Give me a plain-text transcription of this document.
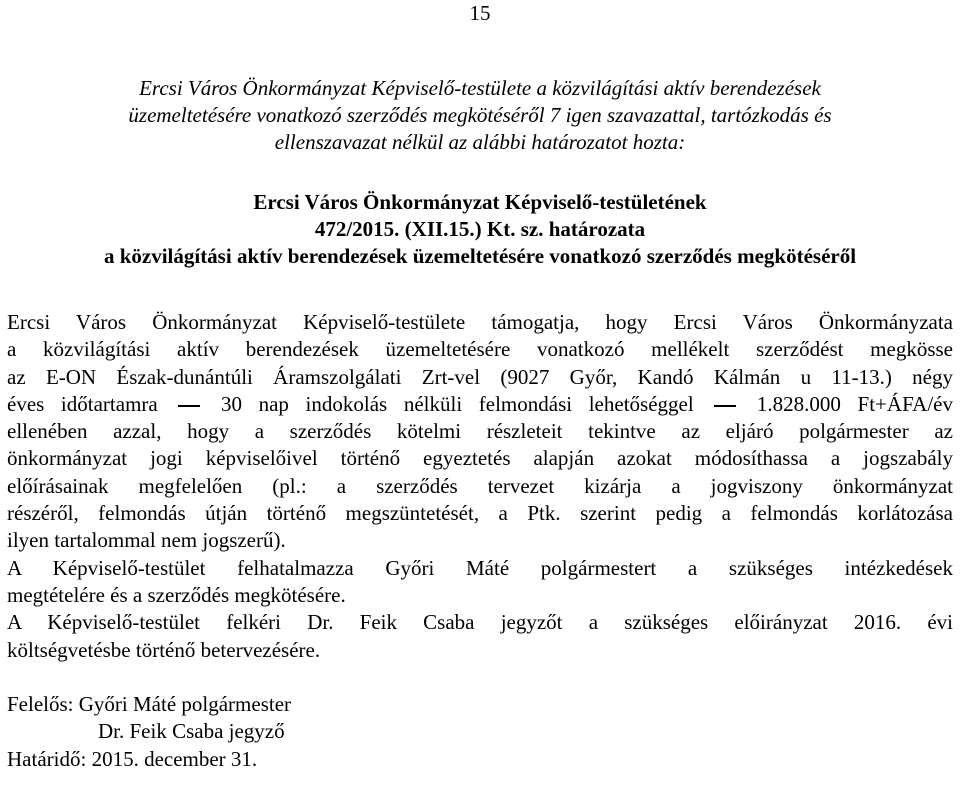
15
Ercsi Város Önkormányzat Képviselő-testülete a közvilágítási aktív berendezések
üzemeltetésére vonatkozó szerződés megkötéséről 7 igen szavazattal, tartózkodás és
ellenszavazat nélkül az alábbi határozatot hozta:
Ercsi Város Önkormányzat Képviselő-testületének
472/2015. (XII.15.) Kt. sz. határozata
a közvilágítási aktív berendezések üzemeltetésére vonatkozó szerződés megkötéséről
Ercsi Város Önkormányzat Képviselő-testülete támogatja, hogy Ercsi Város Önkormányzata
a közvilágítási aktív berendezések üzemeltetésére vonatkozó mellékelt szerződést megkösse
az E-ON Észak-dunántúli Áramszolgálati Zrt-vel (9027 Győr, Kandó Kálmán u 11-13.) négy
éves időtartamra	30 nap indokolás nélküli felmondási lehetőséggel	1.828.000 Ft+ÁFA/év
ellenében azzal, hogy a szerződés kötelmi részleteit tekintve az eljáró polgármester az
önkormányzat jogi képviselőivel történő egyeztetés alapján azokat módosíthassa a jogszabály
előírásainak megfelelően (pl.: a szerződés tervezet kizárja a jogviszony önkormányzat
részéről, felmondás útján történő megszüntetését, a Ptk. szerint pedig a felmondás korlátozása
ilyen tartalommal nem jogszerű).
A Képviselő-testület felhatalmazza Győri Máté polgármestert a szükséges intézkedések
megtételére és a szerződés megkötésére.
A Képviselő-testület felkéri Dr. Feik Csaba jegyzőt a szükséges előirányzat 2016. évi
költségvetésbe történő betervezésére.
Felelős: Győri Máté polgármester
Dr. Feik Csaba jegyző
Határidő: 2015. december 31.
